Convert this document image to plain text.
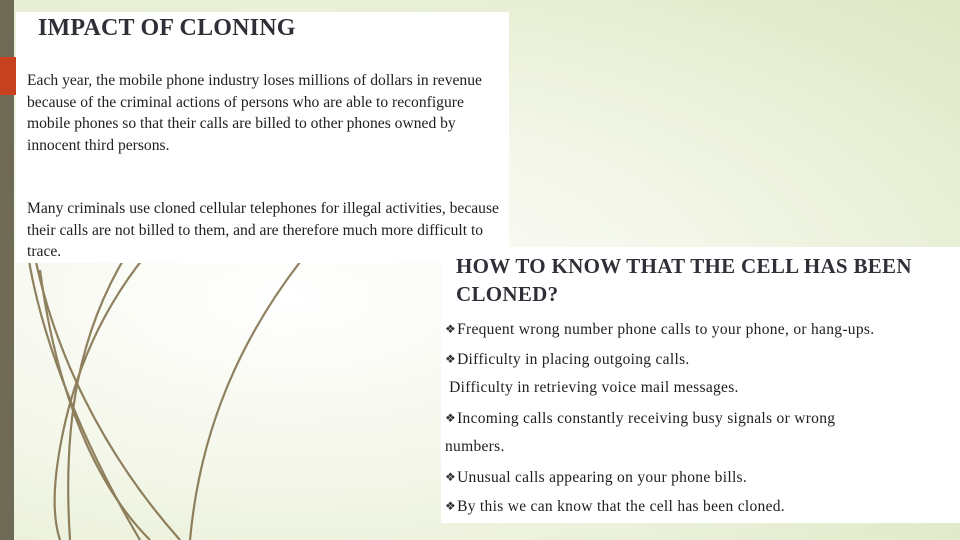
IMPACT OF CLONING

Each year, the mobile phone industry loses millions of dollars in revenue because of the criminal actions of persons who are able to reconfigure mobile phones so that their calls are billed to other phones owned by innocent third persons.

Many criminals use cloned cellular telephones for illegal activities, because their calls are not billed to them, and are therefore much more difficult to trace.

HOW TO KNOW THAT THE CELL HAS BEEN CLONED?
❖Frequent wrong number phone calls to your phone, or hang-ups.
❖Difficulty in placing outgoing calls.
Difficulty in retrieving voice mail messages.
❖Incoming calls constantly receiving busy signals or wrong
numbers.
❖Unusual calls appearing on your phone bills.
❖By this we can know that the cell has been cloned.
